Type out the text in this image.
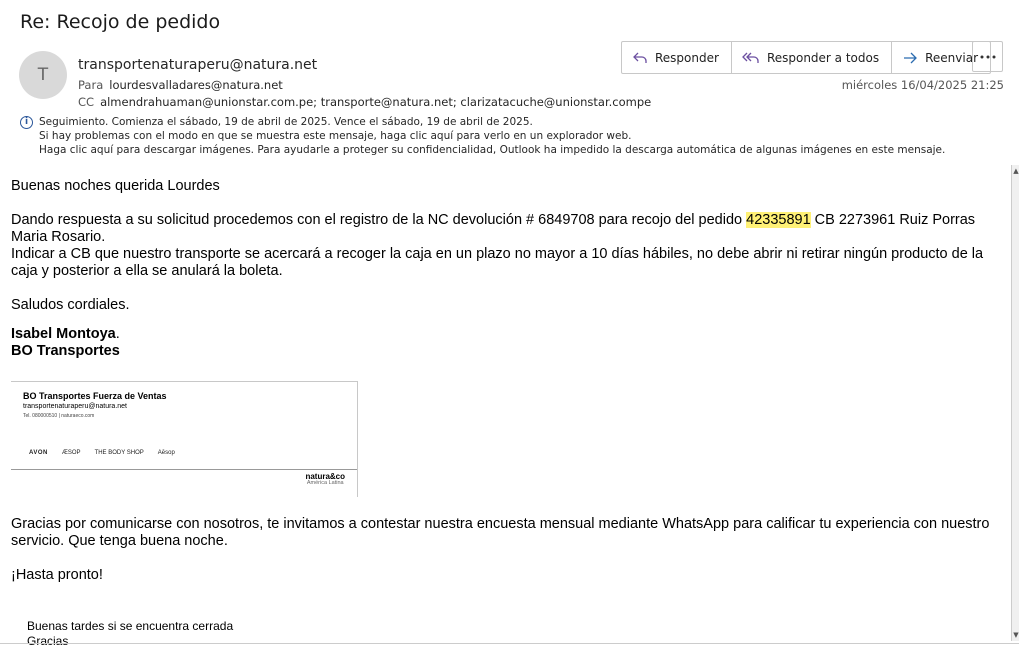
Re: Recojo de pedido
T	transportenaturaperu@natura.net
Para lourdesvalladares@natura.net
CC almendrahuaman@unionstar.com.pe; transporte@natura.net; clarizatacuche@unionstar.compe
Responder	Responder a todos	Reenviar
miércoles 16/04/2025 21:25
i	Seguimiento. Comienza el sábado, 19 de abril de 2025. Vence el sábado, 19 de abril de 2025.
Si hay problemas con el modo en que se muestra este mensaje, haga clic aquí para verlo en un explorador web.
Haga clic aquí para descargar imágenes. Para ayudarle a proteger su confidencialidad, Outlook ha impedido la descarga automática de algunas imágenes en este mensaje.

Buenas noches querida Lourdes

Dando respuesta a su solicitud procedemos con el registro de la NC devolución # 6849708 para recojo del pedido 42335891 CB 2273961 Ruiz Porras Maria Rosario.

Indicar a CB que nuestro transporte se acercará a recoger la caja en un plazo no mayor a 10 días hábiles, no debe abrir ni retirar ningún producto de la caja y posterior a ella se anulará la boleta.

Saludos cordiales.

Isabel Montoya.

BO Transportes

BO Transportes Fuerza de Ventas
transportenaturaperu@natura.net
Tel. 080000510 | naturaeco.com
AVON ÆSOP THE BODY SHOP Aēsop
natura&co
América Latina

Gracias por comunicarse con nosotros, te invitamos a contestar nuestra encuesta mensual mediante WhatsApp para calificar tu experiencia con nuestro servicio. Que tenga buena noche.

¡Hasta pronto!

Buenas tardes si se encuentra cerrada
Gracias
▲
▼
